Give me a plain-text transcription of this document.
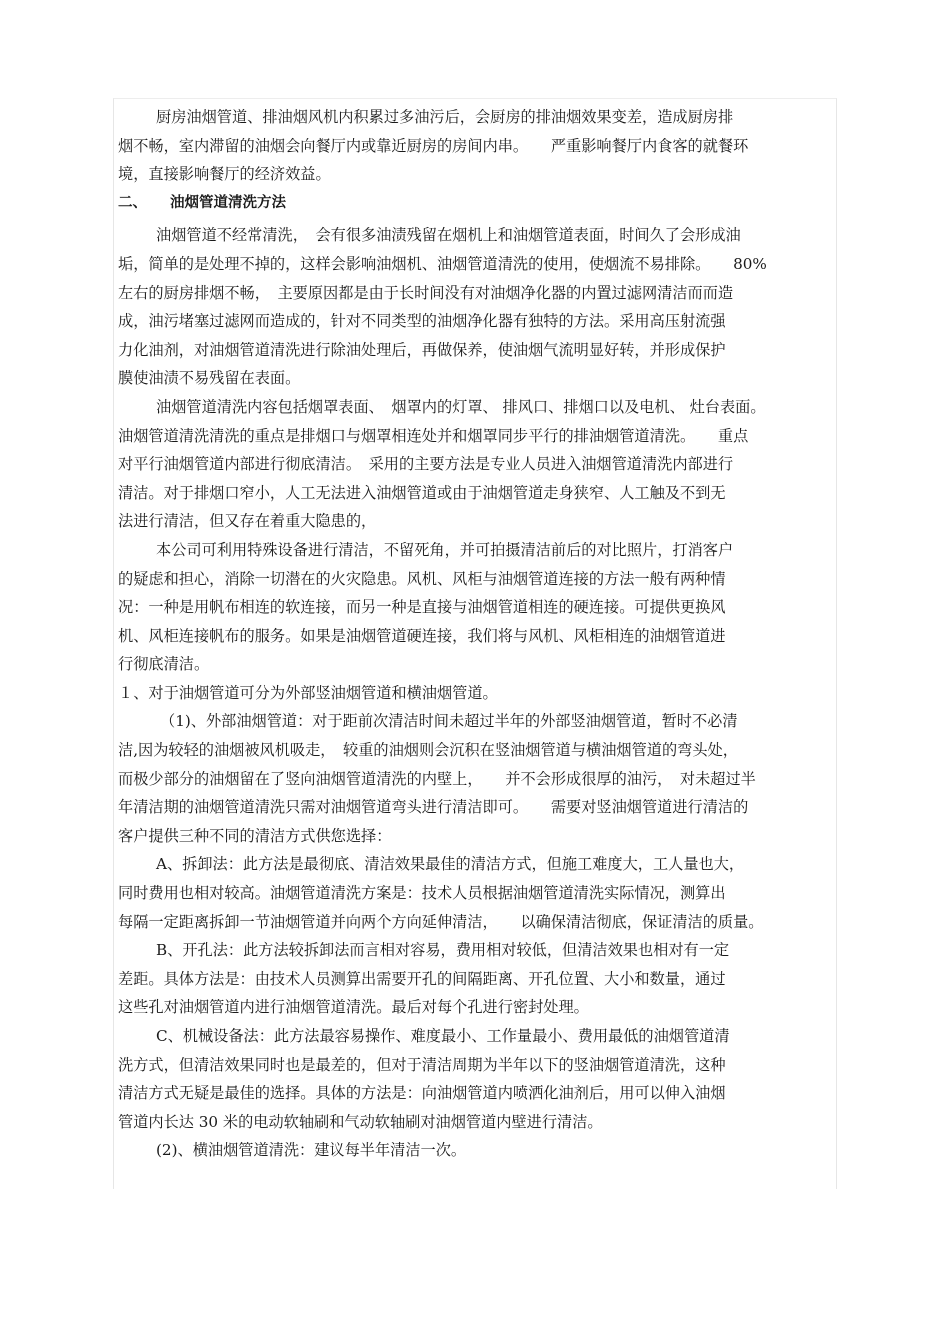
厨房油烟管道、排油烟风机内积累过多油污后，会厨房的排油烟效果变差，造成厨房排
烟不畅，室内滞留的油烟会向餐厅内或靠近厨房的房间内串。　　严重影响餐厅内食客的就餐环
境，直接影响餐厅的经济效益。
二、 油烟管道清洗方法
油烟管道不经常清洗，　会有很多油渍残留在烟机上和油烟管道表面，时间久了会形成油
垢，简单的是处理不掉的，这样会影响油烟机、油烟管道清洗的使用，使烟流不易排除。　　80%
左右的厨房排烟不畅，　主要原因都是由于长时间没有对油烟净化器的内置过滤网清洁而而造
成，油污堵塞过滤网而造成的，针对不同类型的油烟净化器有独特的方法。采用高压射流强
力化油剂，对油烟管道清洗进行除油处理后，再做保养，使油烟气流明显好转，并形成保护
膜使油渍不易残留在表面。
油烟管道清洗内容包括烟罩表面、　烟罩内的灯罩、 排风口、排烟口以及电机、 灶台表面。
油烟管道清洗清洗的重点是排烟口与烟罩相连处并和烟罩同步平行的排油烟管道清洗。　　重点
对平行油烟管道内部进行彻底清洁。　采用的主要方法是专业人员进入油烟管道清洗内部进行
清洁。对于排烟口窄小，人工无法进入油烟管道或由于油烟管道走身狭窄、人工触及不到无
法进行清洁，但又存在着重大隐患的，
本公司可利用特殊设备进行清洁，不留死角，并可拍摄清洁前后的对比照片，打消客户
的疑虑和担心，消除一切潜在的火灾隐患。风机、风柜与油烟管道连接的方法一般有两种情
况：一种是用帆布相连的软连接，而另一种是直接与油烟管道相连的硬连接。可提供更换风
机、风柜连接帆布的服务。如果是油烟管道硬连接，我们将与风机、风柜相连的油烟管道进
行彻底清洁。
１、对于油烟管道可分为外部竖油烟管道和横油烟管道。
（1)、外部油烟管道：对于距前次清洁时间未超过半年的外部竖油烟管道，暂时不必清
洁,因为较轻的油烟被风机吸走，　较重的油烟则会沉积在竖油烟管道与横油烟管道的弯头处，
而极少部分的油烟留在了竖向油烟管道清洗的内壁上，　　并不会形成很厚的油污，　对未超过半
年清洁期的油烟管道清洗只需对油烟管道弯头进行清洁即可。　　需要对竖油烟管道进行清洁的
客户提供三种不同的清洁方式供您选择：
A、拆卸法：此方法是最彻底、清洁效果最佳的清洁方式，但施工难度大，工人量也大，
同时费用也相对较高。油烟管道清洗方案是：技术人员根据油烟管道清洗实际情况，测算出
每隔一定距离拆卸一节油烟管道并向两个方向延伸清洁，　　以确保清洁彻底，保证清洁的质量。
B、开孔法：此方法较拆卸法而言相对容易，费用相对较低，但清洁效果也相对有一定
差距。具体方法是：由技术人员测算出需要开孔的间隔距离、开孔位置、大小和数量，通过
这些孔对油烟管道内进行油烟管道清洗。最后对每个孔进行密封处理。
C、机械设备法：此方法最容易操作、难度最小、工作量最小、费用最低的油烟管道清
洗方式，但清洁效果同时也是最差的，但对于清洁周期为半年以下的竖油烟管道清洗，这种
清洁方式无疑是最佳的选择。具体的方法是：向油烟管道内喷洒化油剂后，用可以伸入油烟
管道内长达 30 米的电动软轴刷和气动软轴刷对油烟管道内壁进行清洁。
(2)、横油烟管道清洗：建议每半年清洁一次。
